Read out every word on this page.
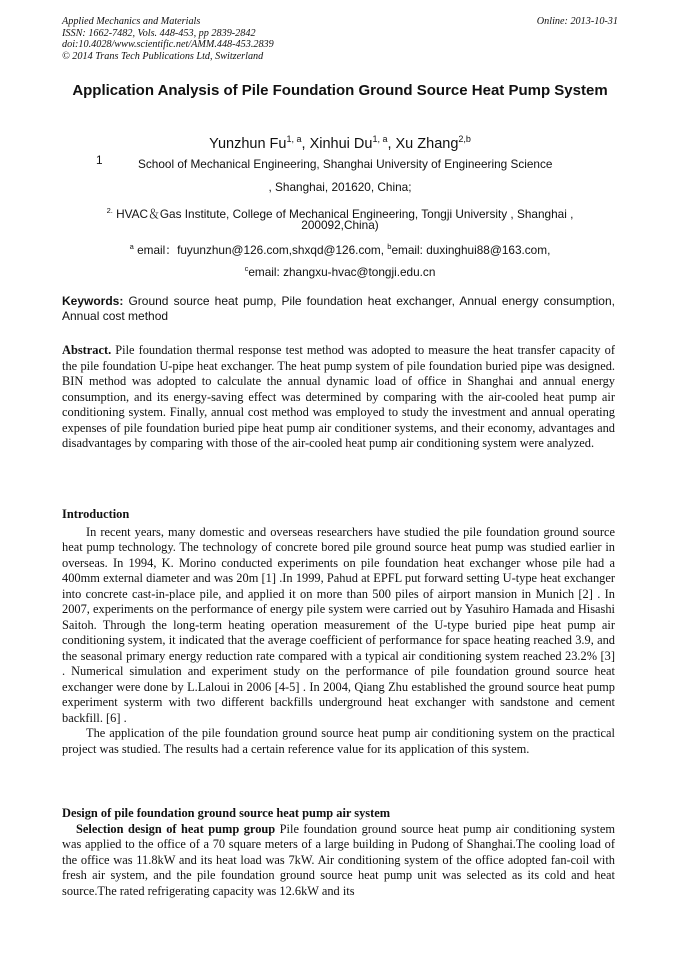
Applied Mechanics and Materials
ISSN: 1662-7482, Vols. 448-453, pp 2839-2842
doi:10.4028/www.scientific.net/AMM.448-453.2839
© 2014 Trans Tech Publications Ltd, Switzerland
Online: 2013-10-31
Application Analysis of Pile Foundation Ground Source Heat Pump System
Yunzhun Fu$^{1, a}$, Xinhui Du$^{1, a}$, Xu Zhang$^{2,b}$
1	School of Mechanical Engineering, Shanghai University of Engineering Science
, Shanghai, 201620, China;
$^{2.}$ HVAC＆Gas Institute, College of Mechanical Engineering, Tongji University , Shanghai ,
200092,China)
$^a$ email：fuyunzhun@126.com,shxqd@126.com, $^b$email: duxinghui88@163.com,
$^c$email: zhangxu-hvac@tongji.edu.cn
Keywords: Ground source heat pump, Pile foundation heat exchanger, Annual energy consumption, Annual cost method

Abstract. Pile foundation thermal response test method was adopted to measure the heat transfer capacity of the pile foundation U-pipe heat exchanger. The heat pump system of pile foundation buried pipe was designed. BIN method was adopted to calculate the annual dynamic load of office in Shanghai and annual energy consumption, and its energy-saving effect was determined by comparing with the air-cooled heat pump air conditioning system. Finally, annual cost method was employed to study the investment and annual operating expenses of pile foundation buried pipe heat pump air conditioner systems, and their economy, advantages and disadvantages by comparing with those of the air-cooled heat pump air conditioning system were analyzed.

Introduction

In recent years, many domestic and overseas researchers have studied the pile foundation ground source heat pump technology. The technology of concrete bored pile ground source heat pump was studied earlier in overseas. In 1994, K. Morino conducted experiments on pile foundation heat exchanger whose pile had a 400mm external diameter and was 20m [1] .In 1999, Pahud at EPFL put forward setting U-type heat exchanger into concrete cast-in-place pile, and applied it on more than 500 piles of airport mansion in Munich [2] . In 2007, experiments on the performance of energy pile system were carried out by Yasuhiro Hamada and Hisashi Saitoh. Through the long-term heating operation measurement of the U-type buried pipe heat pump air conditioning system, it indicated that the average coefficient of performance for space heating reached 3.9, and the seasonal primary energy reduction rate compared with a typical air conditioning system reached 23.2% [3] . Numerical simulation and experiment study on the performance of pile foundation ground source heat exchanger were done by L.Laloui in 2006 [4-5] . In 2004, Qiang Zhu established the ground source heat pump experiment systerm with two different backfills underground heat exchanger with sandstone and cement backfill. [6] .

The application of the pile foundation ground source heat pump air conditioning system on the practical project was studied. The results had a certain reference value for its application of this system.

Design of pile foundation ground source heat pump air system

Selection design of heat pump group Pile foundation ground source heat pump air conditioning system was applied to the office of a 70 square meters of a large building in Pudong of Shanghai.The cooling load of the office was 11.8kW and its heat load was 7kW. Air conditioning system of the office adopted fan-coil with fresh air system, and the pile foundation ground source heat pump unit was selected as its cold and heat source.The rated refrigerating capacity was 12.6kW and its
